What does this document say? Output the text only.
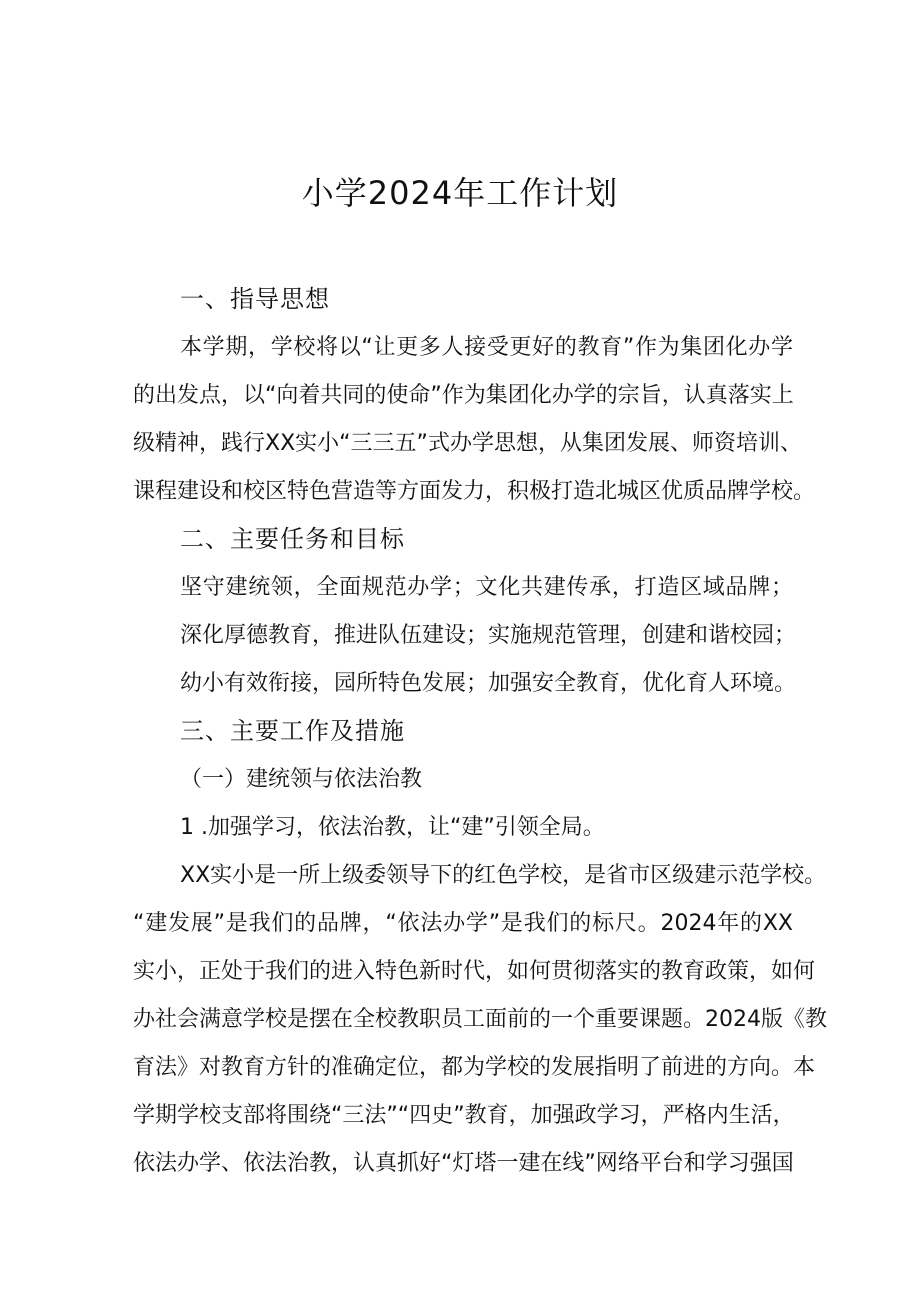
小学2024年工作计划
一、指导思想
本学期，学校将以“让更多人接受更好的教育”作为集团化办学
的出发点，以“向着共同的使命”作为集团化办学的宗旨，认真落实上
级精神，践行XX实小“三三五”式办学思想，从集团发展、师资培训、
课程建设和校区特色营造等方面发力，积极打造北城区优质品牌学校。
二、主要任务和目标
坚守建统领，全面规范办学；文化共建传承，打造区域品牌；
深化厚德教育，推进队伍建设；实施规范管理，创建和谐校园；
幼小有效衔接，园所特色发展；加强安全教育，优化育人环境。
三、主要工作及措施
（一）建统领与依法治教
1 .加强学习，依法治教，让“建”引领全局。
XX实小是一所上级委领导下的红色学校，是省市区级建示范学校。
“建发展”是我们的品牌，“依法办学”是我们的标尺。2024年的XX
实小，正处于我们的进入特色新时代，如何贯彻落实的教育政策，如何
办社会满意学校是摆在全校教职员工面前的一个重要课题。2024版《教
育法》对教育方针的准确定位，都为学校的发展指明了前进的方向。本
学期学校支部将围绕“三法”“四史”教育，加强政学习，严格内生活，
依法办学、依法治教，认真抓好“灯塔一建在线”网络平台和学习强国
